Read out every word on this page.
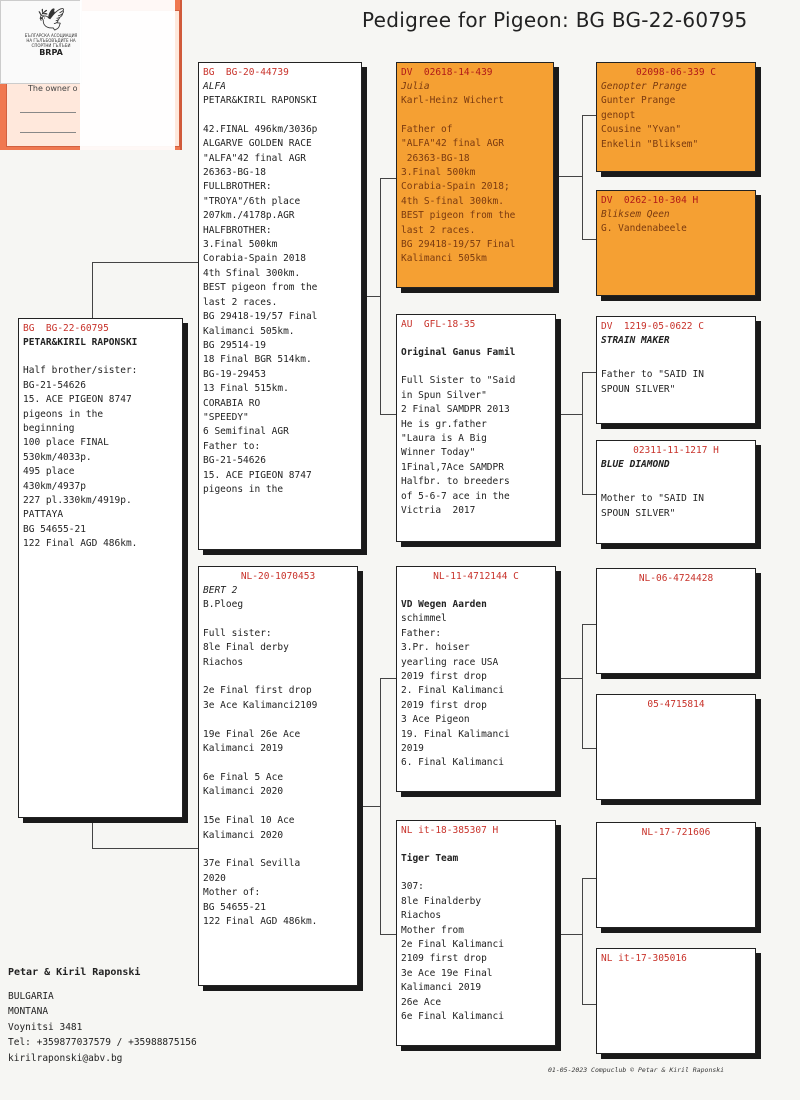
🕊
БЪЛГАРСКА АСОЦИАЦИЯ НА ГЪЛЪБОВЪДИТЕ НА СПОРТНИ ГЪЛЪБИ
BRPA
The owner o
Pedigree for Pigeon: BG BG-22-60795
BG  BG-22-60795
PETAR&KIRIL RAPONSKI
Half brother/sister:
BG-21-54626
15. ACE PIGEON 8747
pigeons in the
beginning
100 place FINAL
530km/4033p.
495 place
430km/4937p
227 pl.330km/4919p.
PATTAYA
BG 54655-21
122 Final AGD 486km.
BG  BG-20-44739
ALFA
PETAR&KIRIL RAPONSKI
42.FINAL 496km/3036p
ALGARVE GOLDEN RACE
"ALFA"42 final AGR
26363-BG-18
FULLBROTHER:
"TROYA"/6th place
207km./4178p.AGR
HALFBROTHER:
3.Final 500km
Corabia-Spain 2018
4th Sfinal 300km.
BEST pigeon from the
last 2 races.
BG 29418-19/57 Final
Kalimanci 505km.
BG 29514-19
18 Final BGR 514km.
BG-19-29453
13 Final 515km.
CORABIA RO
"SPEEDY"
6 Semifinal AGR
Father to:
BG-21-54626
15. ACE PIGEON 8747
pigeons in the
NL-20-1070453
BERT 2
B.Ploeg
Full sister:
8le Final derby
Riachos

2e Final first drop
3e Ace Kalimanci2109

19e Final 26e Ace
Kalimanci 2019

6e Final 5 Ace
Kalimanci 2020

15e Final 10 Ace
Kalimanci 2020

37e Final Sevilla
2020
Mother of:
BG 54655-21
122 Final AGD 486km.
DV  02618-14-439
Julia
Karl-Heinz Wichert
Father of
"ALFA"42 final AGR
26363-BG-18
3.Final 500km
Corabia-Spain 2018;
4th S-final 300km.
BEST pigeon from the
last 2 races.
BG 29418-19/57 Final
Kalimanci 505km
AU  GFL-18-35
Original Ganus Famil
Full Sister to "Said
in Spun Silver"
2 Final SAMDPR 2013
He is gr.father
"Laura is A Big
Winner Today"
1Final,7Ace SAMDPR
Halfbr. to breeders
of 5-6-7 ace in the
Victria  2017
NL-11-4712144 C
VD Wegen Aarden
schimmel
Father:
3.Pr. hoiser
yearling race USA
2019 first drop
2. Final Kalimanci
2019 first drop
3 Ace Pigeon
19. Final Kalimanci
2019
6. Final Kalimanci
NL it-18-385307 H
Tiger Team
307:
8le Finalderby
Riachos
Mother from
2e Final Kalimanci
2109 first drop
3e Ace 19e Final
Kalimanci 2019
26e Ace
6e Final Kalimanci
02098-06-339 C
Genopter Prange
Gunter Prange
genopt
Cousine "Yvan"
Enkelin "Bliksem"
DV  0262-10-304 H
Bliksem Qeen
G. Vandenabeele
DV  1219-05-0622 C
STRAIN MAKER
Father to "SAID IN
SPOUN SILVER"
02311-11-1217 H
BLUE DIAMOND
Mother to "SAID IN
SPOUN SILVER"
NL-06-4724428
05-4715814
NL-17-721606
NL it-17-305016
Petar & Kiril Raponski
BULGARIA
MONTANA
Voynitsi 3481
Tel: +359877037579 / +35988875156
kirilraponski@abv.bg
01-05-2023 Compuclub © Petar & Kiril Raponski
